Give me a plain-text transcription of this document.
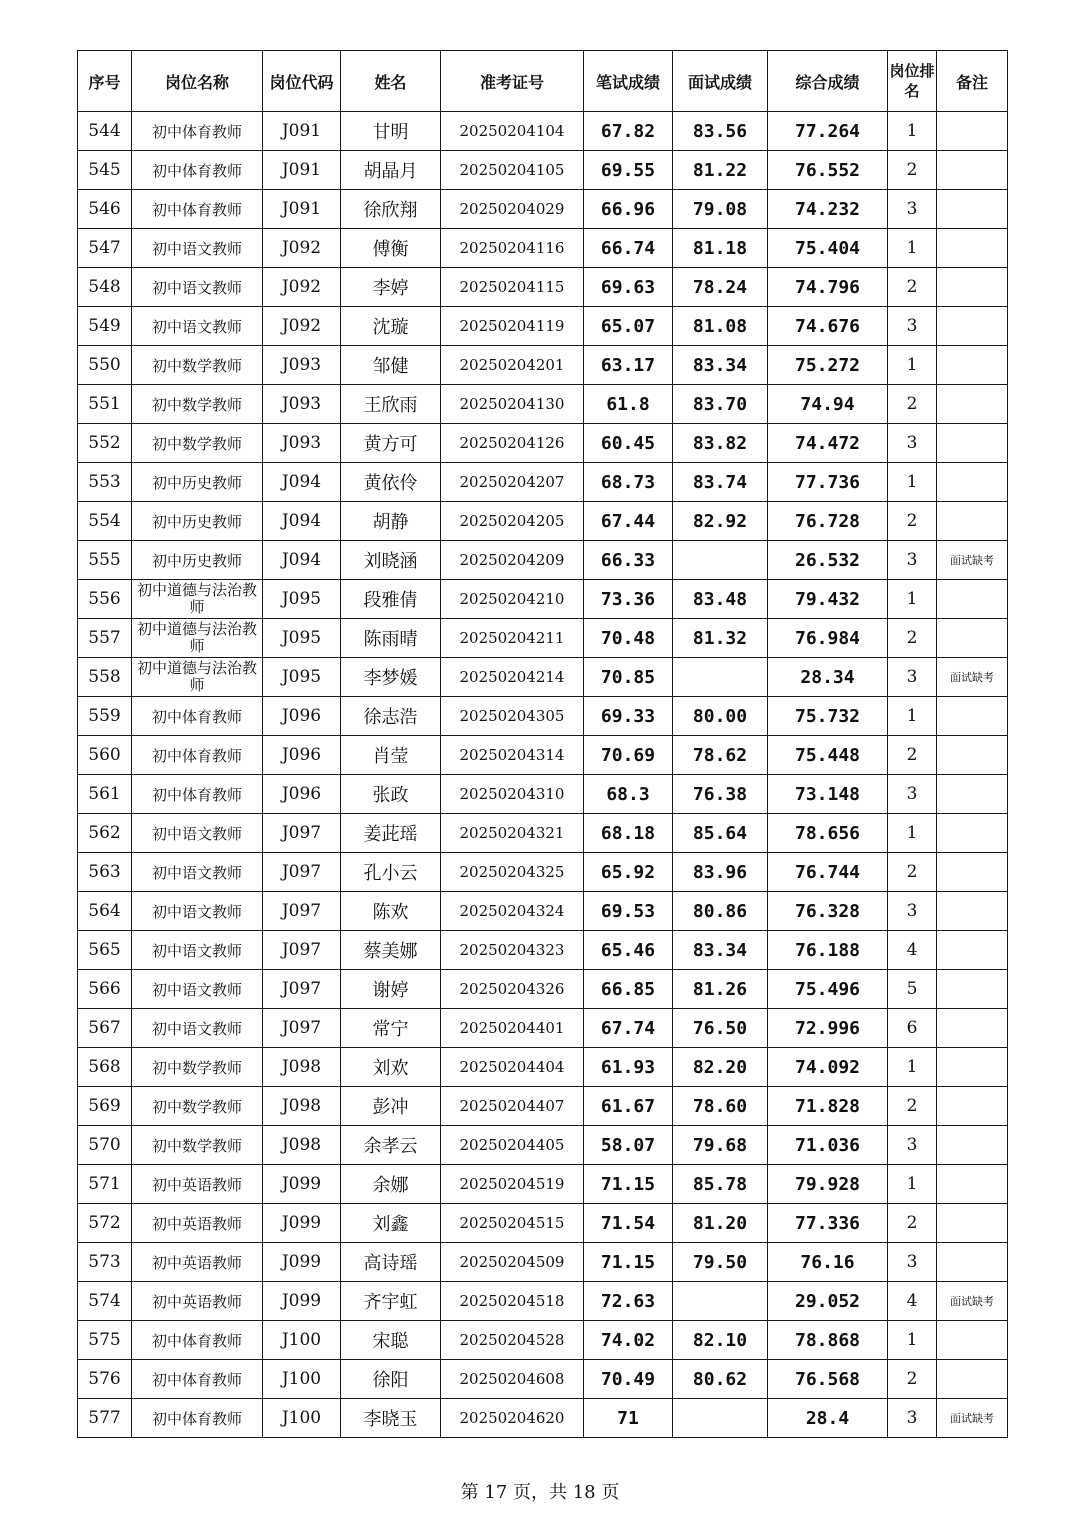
序号	岗位名称	岗位代码	姓名	准考证号	笔试成绩	面试成绩	综合成绩	岗位排名	备注
544	初中体育教师	J091	甘明	20250204104	67.82	83.56	77.264	1	
545	初中体育教师	J091	胡晶月	20250204105	69.55	81.22	76.552	2	
546	初中体育教师	J091	徐欣翔	20250204029	66.96	79.08	74.232	3	
547	初中语文教师	J092	傅衡	20250204116	66.74	81.18	75.404	1	
548	初中语文教师	J092	李婷	20250204115	69.63	78.24	74.796	2	
549	初中语文教师	J092	沈璇	20250204119	65.07	81.08	74.676	3	
550	初中数学教师	J093	邹健	20250204201	63.17	83.34	75.272	1	
551	初中数学教师	J093	王欣雨	20250204130	61.8	83.70	74.94	2	
552	初中数学教师	J093	黄方可	20250204126	60.45	83.82	74.472	3	
553	初中历史教师	J094	黄依伶	20250204207	68.73	83.74	77.736	1	
554	初中历史教师	J094	胡静	20250204205	67.44	82.92	76.728	2	
555	初中历史教师	J094	刘晓涵	20250204209	66.33		26.532	3	面试缺考
556	初中道德与法治教师	J095	段雅倩	20250204210	73.36	83.48	79.432	1	
557	初中道德与法治教师	J095	陈雨晴	20250204211	70.48	81.32	76.984	2	
558	初中道德与法治教师	J095	李梦媛	20250204214	70.85		28.34	3	面试缺考
559	初中体育教师	J096	徐志浩	20250204305	69.33	80.00	75.732	1	
560	初中体育教师	J096	肖莹	20250204314	70.69	78.62	75.448	2	
561	初中体育教师	J096	张政	20250204310	68.3	76.38	73.148	3	
562	初中语文教师	J097	姜茈瑶	20250204321	68.18	85.64	78.656	1	
563	初中语文教师	J097	孔小云	20250204325	65.92	83.96	76.744	2	
564	初中语文教师	J097	陈欢	20250204324	69.53	80.86	76.328	3	
565	初中语文教师	J097	蔡美娜	20250204323	65.46	83.34	76.188	4	
566	初中语文教师	J097	谢婷	20250204326	66.85	81.26	75.496	5	
567	初中语文教师	J097	常宁	20250204401	67.74	76.50	72.996	6	
568	初中数学教师	J098	刘欢	20250204404	61.93	82.20	74.092	1	
569	初中数学教师	J098	彭冲	20250204407	61.67	78.60	71.828	2	
570	初中数学教师	J098	余孝云	20250204405	58.07	79.68	71.036	3	
571	初中英语教师	J099	余娜	20250204519	71.15	85.78	79.928	1	
572	初中英语教师	J099	刘鑫	20250204515	71.54	81.20	77.336	2	
573	初中英语教师	J099	高诗瑶	20250204509	71.15	79.50	76.16	3	
574	初中英语教师	J099	齐宇虹	20250204518	72.63		29.052	4	面试缺考
575	初中体育教师	J100	宋聪	20250204528	74.02	82.10	78.868	1	
576	初中体育教师	J100	徐阳	20250204608	70.49	80.62	76.568	2	
577	初中体育教师	J100	李晓玉	20250204620	71		28.4	3	面试缺考
第 17 页，共 18 页
